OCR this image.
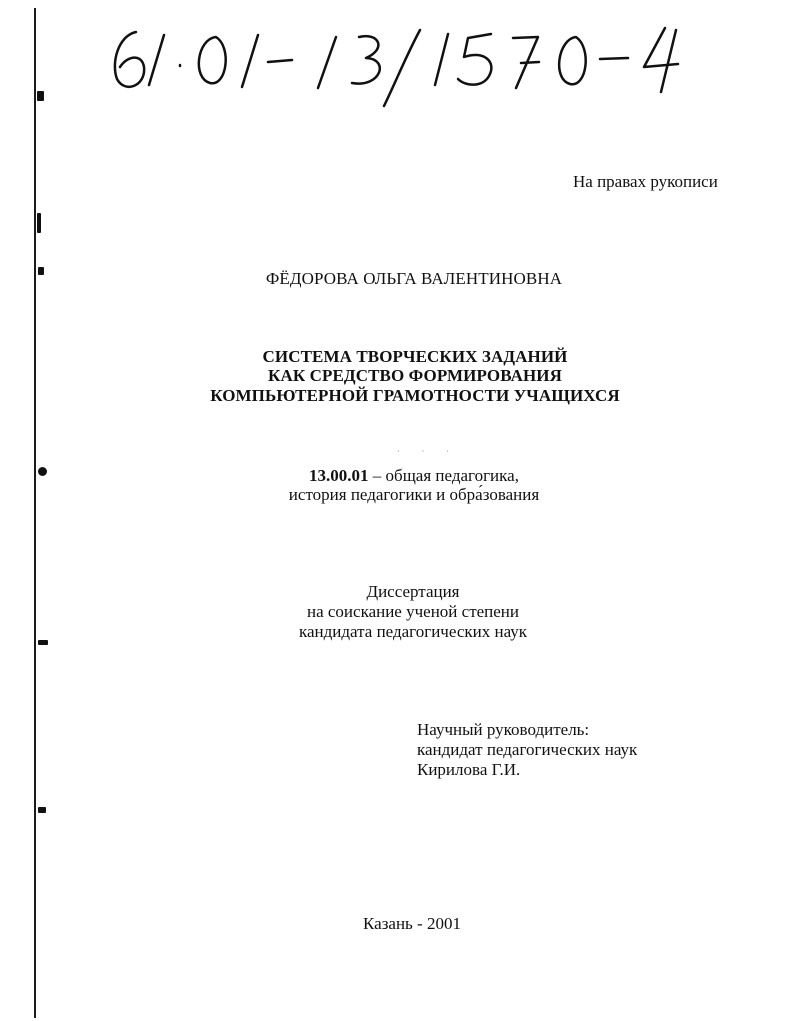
На правах рукописи

ФЁДОРОВА ОЛЬГА ВАЛЕНТИНОВНА

СИСТЕМА ТВОРЧЕСКИХ ЗАДАНИЙ

КАК СРЕДСТВО ФОРМИРОВАНИЯ

КОМПЬЮТЕРНОЙ ГРАМОТНОСТИ УЧАЩИХСЯ

· · ·

13.00.01 – общая педагогика,

история педагогики и обра́зования

Диссертация

на соискание ученой степени

кандидата педагогических наук

Научный руководитель:

кандидат педагогических наук

Кирилова Г.И.

Казань - 2001
